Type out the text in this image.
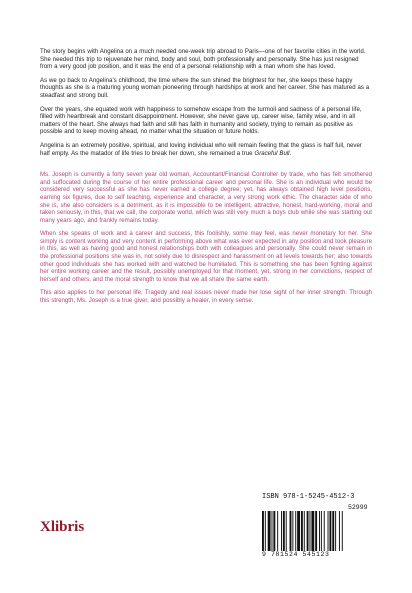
The story begins with Angelina on a much needed one-week trip abroad to Paris—one of her favorite cities in the world. She needed this trip to rejuvenate her mind, body and soul, both professionally and personally. She has just resigned from a very good job position, and it was the end of a personal relationship with a man whom she has loved.

As we go back to Angelina's childhood, the time where the sun shined the brightest for her, she keeps these happy thoughts as she is a maturing young woman pioneering through hardships at work and her career. She has matured as a steadfast and strong bull.

Over the years, she equated work with happiness to somehow escape from the turmoil and sadness of a personal life, filled with heartbreak and constant disappointment. However, she never gave up, career wise, family wise, and in all matters of the heart. She always had faith and still has faith in humanity and society, trying to remain as positive as possible and to keep moving ahead, no matter what the situation or future holds.

Angelina is an extremely positive, spiritual, and loving individual who will remain feeling that the glass is half full, never half empty. As the matador of life tries to break her down, she remained a true Graceful Bull.

Ms. Joseph is currently a forty seven year old woman, Accountant/Financial Controller by trade, who has felt smothered and suffocated during the course of her entire professional career and personal life. She is an individual who would be considered very successful as she has never earned a college degree; yet, has always obtained high level positions, earning six figures, due to self teaching, experience and character, a very strong work ethic. The character side of who she is, she also considers is a detriment, as it is impossible to be intelligent, attractive, honest, hard-working, moral and taken seriously, in this, that we call, the corporate world, which was still very much a boys club while she was starting out many years ago, and frankly remains today.

When she speaks of work and a career and success, this foolishly, some may feel, was never monetary for her. She simply is content working and very content in performing above what was ever expected in any position and took pleasure in this, as well as having good and honest relationships both with colleagues and personally. She could never remain in the professional positions she was in, not solely due to disrespect and harassment on all levels towards her; also towards other good individuals she has worked with and watched be humiliated. This is something she has been fighting against her entire working career and the result, possibly unemployed for that moment, yet, strong in her convictions, respect of herself and others, and the moral strength to know that we all share the same earth.

This also applies to her personal life. Tragedy and real issues never made her lose sight of her inner strength. Through this strength, Ms. Joseph is a true giver, and possibly a healer, in every sense.

Xlibris
ISBN 978-1-5245-4512-3
52999
9 781524 545123
